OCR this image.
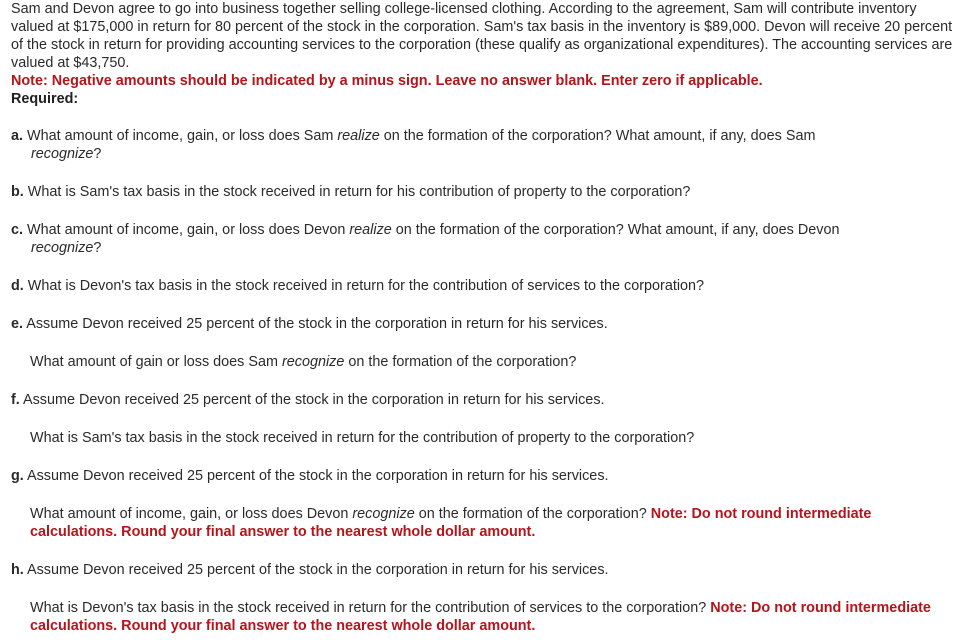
Sam and Devon agree to go into business together selling college-licensed clothing. According to the agreement, Sam will contribute inventory valued at $175,000 in return for 80 percent of the stock in the corporation. Sam's tax basis in the inventory is $89,000. Devon will receive 20 percent of the stock in return for providing accounting services to the corporation (these qualify as organizational expenditures). The accounting services are valued at $43,750.

Note: Negative amounts should be indicated by a minus sign. Leave no answer blank. Enter zero if applicable.

Required:

a. What amount of income, gain, or loss does Sam realize on the formation of the corporation? What amount, if any, does Sam
recognize?
b. What is Sam's tax basis in the stock received in return for his contribution of property to the corporation?
c. What amount of income, gain, or loss does Devon realize on the formation of the corporation? What amount, if any, does Devon
recognize?
d. What is Devon's tax basis in the stock received in return for the contribution of services to the corporation?
e. Assume Devon received 25 percent of the stock in the corporation in return for his services.
What amount of gain or loss does Sam recognize on the formation of the corporation?
f. Assume Devon received 25 percent of the stock in the corporation in return for his services.
What is Sam's tax basis in the stock received in return for the contribution of property to the corporation?
g. Assume Devon received 25 percent of the stock in the corporation in return for his services.
What amount of income, gain, or loss does Devon recognize on the formation of the corporation? Note: Do not round intermediate calculations. Round your final answer to the nearest whole dollar amount.
h. Assume Devon received 25 percent of the stock in the corporation in return for his services.
What is Devon's tax basis in the stock received in return for the contribution of services to the corporation? Note: Do not round intermediate calculations. Round your final answer to the nearest whole dollar amount.
